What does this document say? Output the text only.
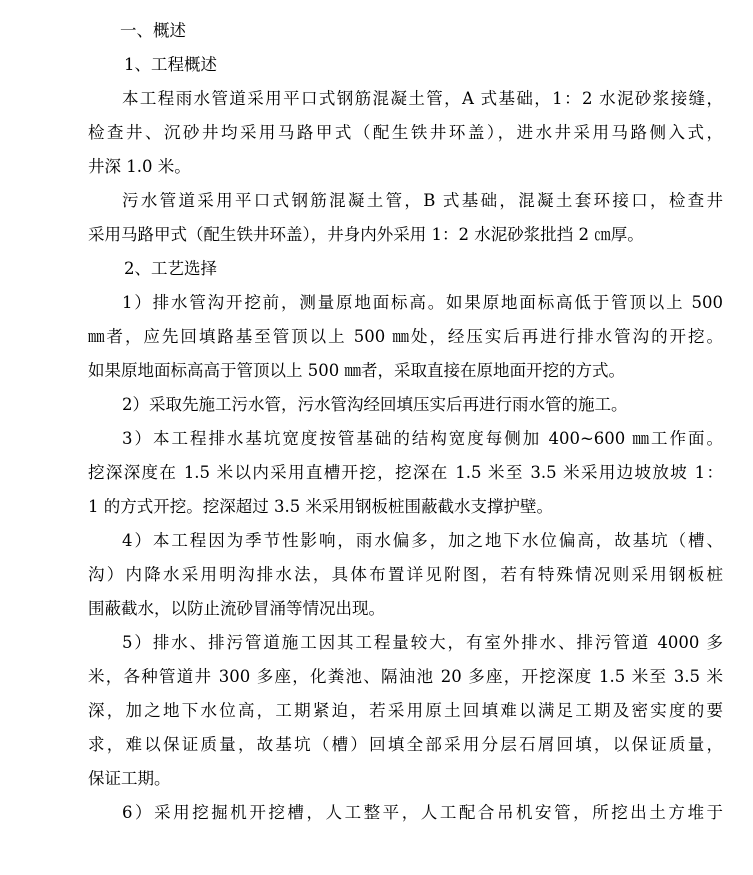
一、概述
1、工程概述
本工程雨水管道采用平口式钢筋混凝土管，A 式基础，1：2 水泥砂浆接缝，
检查井、沉砂井均采用马路甲式（配生铁井环盖），进水井采用马路侧入式，
井深 1.0 米。
污水管道采用平口式钢筋混凝土管，B 式基础，混凝土套环接口，检查井
采用马路甲式（配生铁井环盖），井身内外采用 1：2 水泥砂浆批挡 2 ㎝厚。
2、工艺选择
1）排水管沟开挖前，测量原地面标高。如果原地面标高低于管顶以上 500
㎜者，应先回填路基至管顶以上 500 ㎜处，经压实后再进行排水管沟的开挖。
如果原地面标高高于管顶以上 500 ㎜者，采取直接在原地面开挖的方式。
2）采取先施工污水管，污水管沟经回填压实后再进行雨水管的施工。
3）本工程排水基坑宽度按管基础的结构宽度每侧加 400~600 ㎜工作面。
挖深深度在 1.5 米以内采用直槽开挖，挖深在 1.5 米至 3.5 米采用边坡放坡 1：
1 的方式开挖。挖深超过 3.5 米采用钢板桩围蔽截水支撑护壁。
4）本工程因为季节性影响，雨水偏多，加之地下水位偏高，故基坑（槽、
沟）内降水采用明沟排水法，具体布置详见附图，若有特殊情况则采用钢板桩
围蔽截水，以防止流砂冒涌等情况出现。
5）排水、排污管道施工因其工程量较大，有室外排水、排污管道 4000 多
米，各种管道井 300 多座，化粪池、隔油池 20 多座，开挖深度 1.5 米至 3.5 米
深，加之地下水位高，工期紧迫，若采用原土回填难以满足工期及密实度的要
求，难以保证质量，故基坑（槽）回填全部采用分层石屑回填，以保证质量，
保证工期。
6）采用挖掘机开挖槽，人工整平，人工配合吊机安管，所挖出土方堆于
